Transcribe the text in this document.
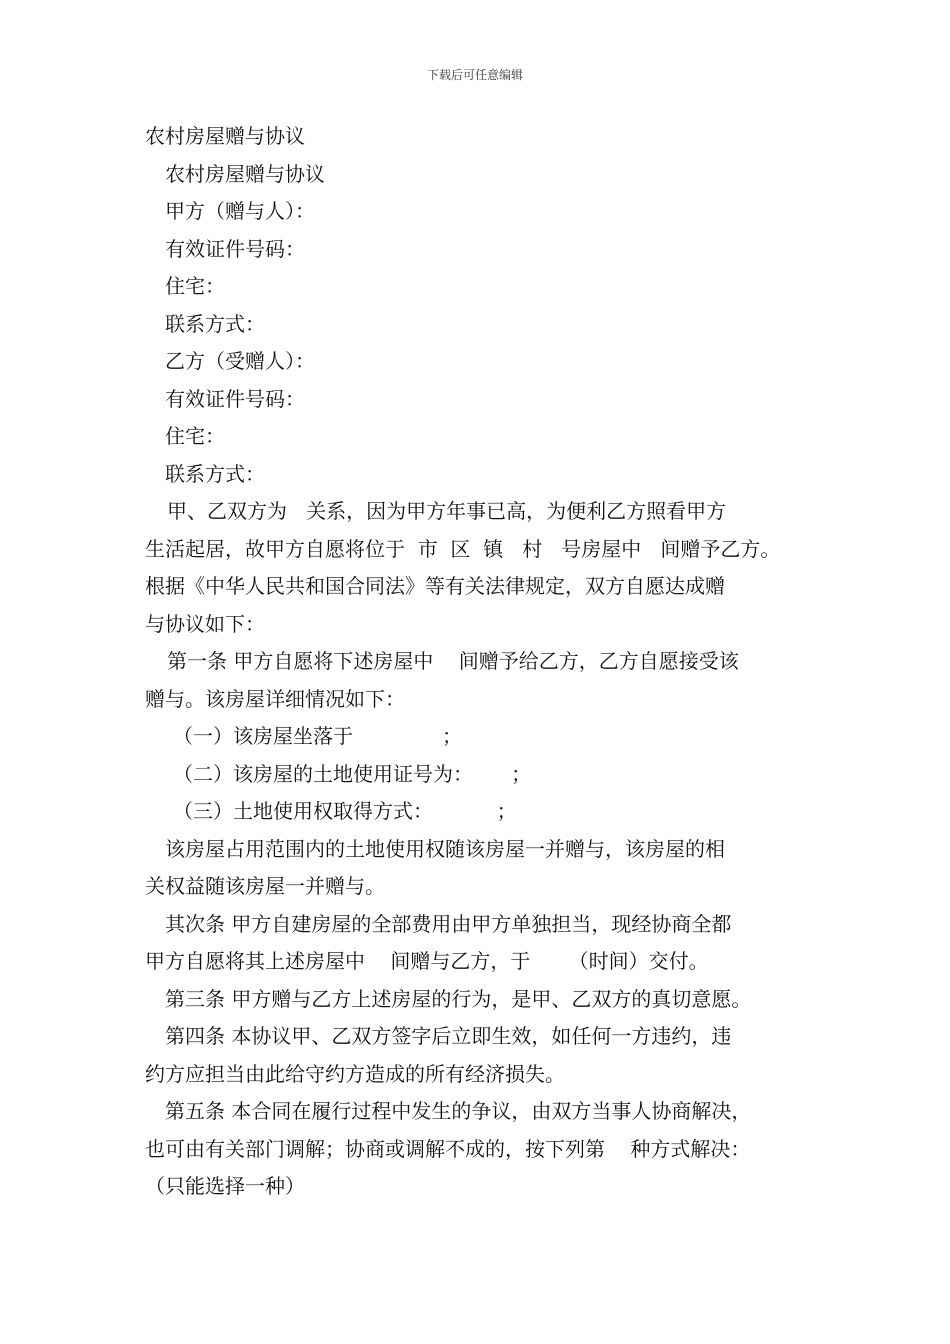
下载后可任意编辑
农村房屋赠与协议
农村房屋赠与协议
甲方（赠与人）：
有效证件号码：
住宅：
联系方式：
乙方（受赠人）：
有效证件号码：
住宅：
联系方式：
甲、乙双方为   关系，因为甲方年事已高，为便利乙方照看甲方
生活起居，故甲方自愿将位于  市  区  镇   村   号房屋中   间赠予乙方。
根据《中华人民共和国合同法》等有关法律规定，双方自愿达成赠
与协议如下：
第一条 甲方自愿将下述房屋中    间赠予给乙方，乙方自愿接受该
赠与。该房屋详细情况如下：
（一）该房屋坐落于              ；
（二）该房屋的土地使用证号为：      ；
（三）土地使用权取得方式：          ；
该房屋占用范围内的土地使用权随该房屋一并赠与，该房屋的相
关权益随该房屋一并赠与。
其次条 甲方自建房屋的全部费用由甲方单独担当，现经协商全都
甲方自愿将其上述房屋中    间赠与乙方，于      （时间）交付。
第三条 甲方赠与乙方上述房屋的行为，是甲、乙双方的真切意愿。
第四条 本协议甲、乙双方签字后立即生效，如任何一方违约，违
约方应担当由此给守约方造成的所有经济损失。
第五条 本合同在履行过程中发生的争议，由双方当事人协商解决，
也可由有关部门调解；协商或调解不成的，按下列第    种方式解决：
（只能选择一种）
